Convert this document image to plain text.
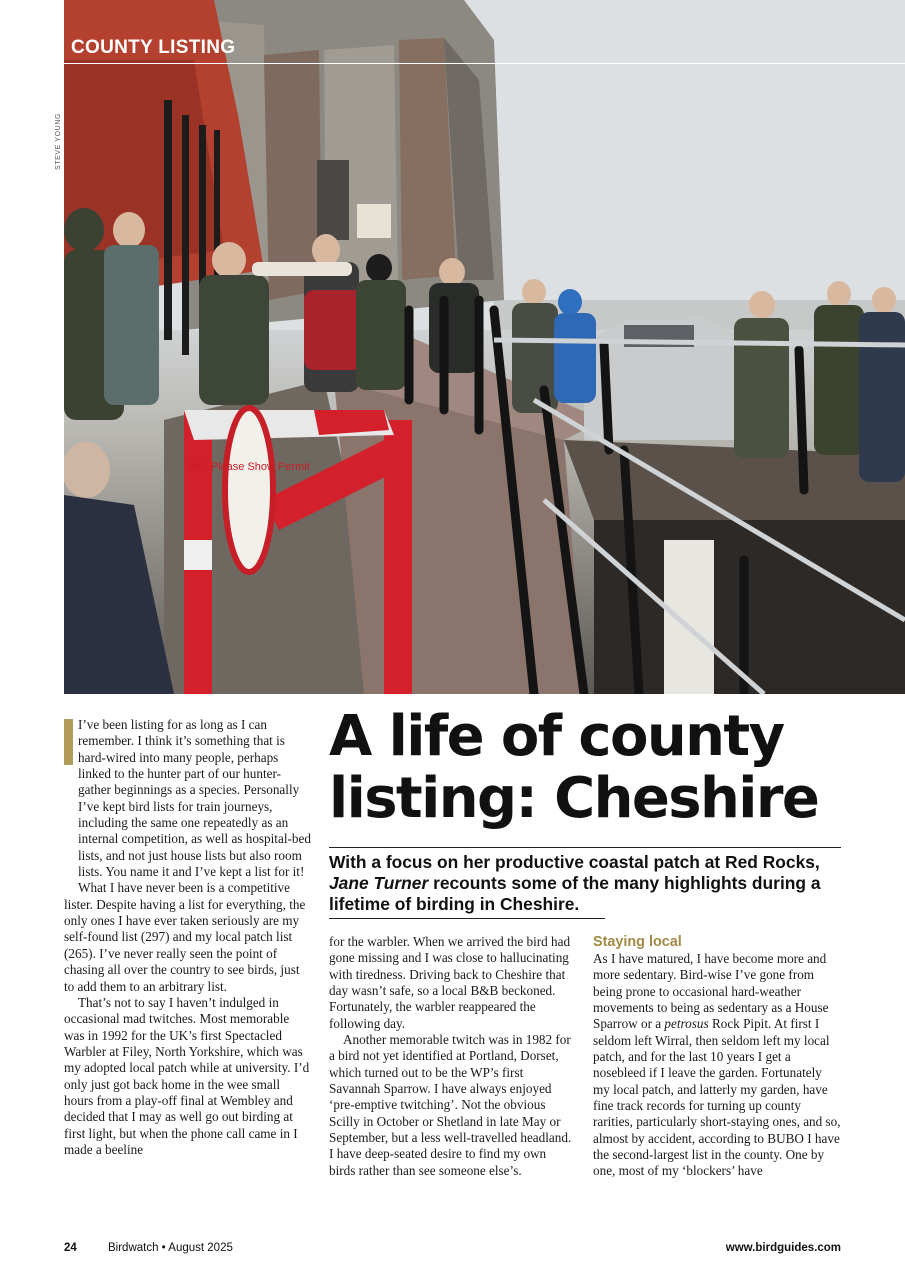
Bird Please Show Permit
COUNTY LISTING
STEVE YOUNG
A life of county listing: Cheshire
With a focus on her productive coastal patch at Red Rocks, Jane Turner recounts some of the many highlights during a lifetime of birding in Cheshire.

I’ve been listing for as long as I can remember. I think it’s something that is hard-wired into many people, perhaps linked to the hunter part of our hunter-gather beginnings as a species. Personally I’ve kept bird lists for train journeys, including the same one repeatedly as an internal competition, as well as hospital-bed lists, and not just house lists but also room lists. You name it and I’ve kept a list for it!

What I have never been is a competitive lister. Despite having a list for everything, the only ones I have ever taken seriously are my self-found list (297) and my local patch list (265). I’ve never really seen the point of chasing all over the country to see birds, just to add them to an arbitrary list.

That’s not to say I haven’t indulged in occasional mad twitches. Most memorable was in 1992 for the UK’s first Spectacled Warbler at Filey, North Yorkshire, which was my adopted local patch while at university. I’d only just got back home in the wee small hours from a play-off final at Wembley and decided that I may as well go out birding at first light, but when the phone call came in I made a beeline

for the warbler. When we arrived the bird had gone missing and I was close to hallucinating with tiredness. Driving back to Cheshire that day wasn’t safe, so a local B&B beckoned. Fortunately, the warbler reappeared the following day.

Another memorable twitch was in 1982 for a bird not yet identified at Portland, Dorset, which turned out to be the WP’s first Savannah Sparrow. I have always enjoyed ‘pre-emptive twitching’. Not the obvious Scilly in October or Shetland in late May or September, but a less well-travelled headland. I have deep-seated desire to find my own birds rather than see someone else’s.

Staying local

As I have matured, I have become more and more sedentary. Bird-wise I’ve gone from being prone to occasional hard-weather movements to being as sedentary as a House Sparrow or a petrosus Rock Pipit. At first I seldom left Wirral, then seldom left my local patch, and for the last 10 years I get a nosebleed if I leave the garden. Fortunately my local patch, and latterly my garden, have fine track records for turning up county rarities, particularly short-staying ones, and so, almost by accident, according to BUBO I have the second-largest list in the county. One by one, most of my ‘blockers’ have

24	Birdwatch • August 2025	www.birdguides.com
